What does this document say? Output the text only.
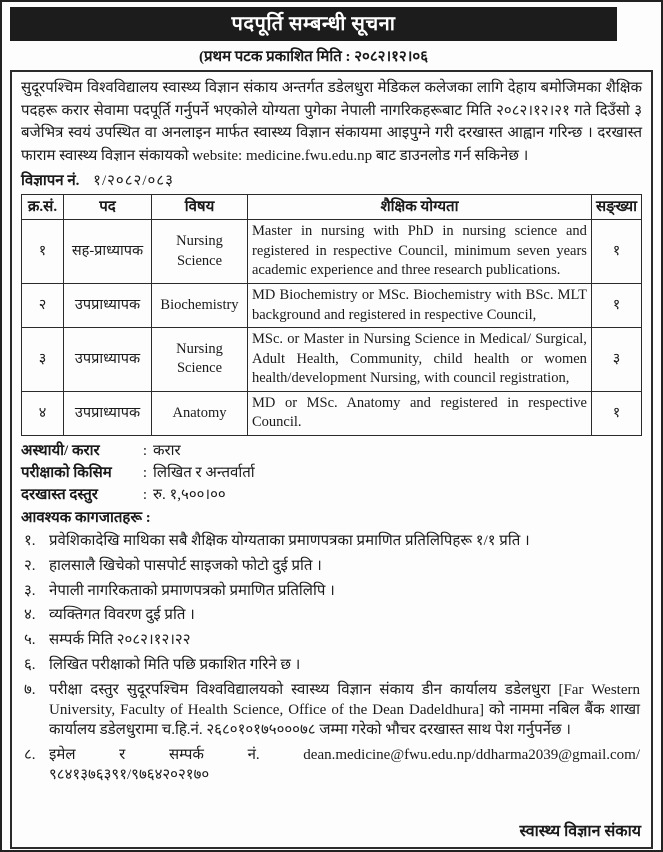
पदपूर्ति सम्बन्धी सूचना
(प्रथम पटक प्रकाशित मिति : २०८२।१२।०६

सुदूरपश्चिम विश्वविद्यालय स्वास्थ्य विज्ञान संकाय अन्तर्गत डडेलधुरा मेडिकल कलेजका लागि देहाय बमोजिमका शैक्षिक पदहरू करार सेवामा पदपूर्ति गर्नुपर्ने भएकोले योग्यता पुगेका नेपाली नागरिकहरूबाट मिति २०८२।१२।२१ गते दिउँसो ३ बजेभित्र स्वयं उपस्थित वा अनलाइन मार्फत स्वास्थ्य विज्ञान संकायमा आइपुग्ने गरी दरखास्त आह्वान गरिन्छ । दरखास्त फाराम स्वास्थ्य विज्ञान संकायको website: medicine.fwu.edu.np बाट डाउनलोड गर्न सकिनेछ ।

विज्ञापन नं. १/२०८२/०८३
क्र.सं.	पद	विषय	शैक्षिक योग्यता	सङ्ख्या
१	सह-प्राध्यापक	Nursing Science	Master in nursing with PhD in nursing science and registered in respective Council, minimum seven years academic experience and three research publications.	१
२	उपप्राध्यापक	Biochemistry	MD Biochemistry or MSc. Biochemistry with BSc. MLT background and registered in respective Council,	१
३	उपप्राध्यापक	Nursing Science	MSc. or Master in Nursing Science in Medical/ Surgical, Adult Health, Community, child health or women health/development Nursing, with council registration,	३
४	उपप्राध्यापक	Anatomy	MD or MSc. Anatomy and registered in respective Council.	१
अस्थायी/ करार	: करार
परीक्षाको किसिम : लिखित र अन्तर्वार्ता
दरखास्त दस्तुर	: रु. १,५००।००
आवश्यक कागजातहरू :
१. प्रवेशिकादेखि माथिका सबै शैक्षिक योग्यताका प्रमाणपत्रका प्रमाणित प्रतिलिपिहरू १/१ प्रति ।
२. हालसालै खिचेको पासपोर्ट साइजको फोटो दुई प्रति ।
३. नेपाली नागरिकताको प्रमाणपत्रको प्रमाणित प्रतिलिपि ।
४. व्यक्तिगत विवरण दुई प्रति ।
५. सम्पर्क मिति २०८२।१२।२२
६. लिखित परीक्षाको मिति पछि प्रकाशित गरिने छ ।
७. परीक्षा दस्तुर सुदूरपश्चिम विश्वविद्यालयको स्वास्थ्य विज्ञान संकाय डीन कार्यालय डडेलधुरा [Far Western University, Faculty of Health Science, Office of the Dean Dadeldhura] को नाममा नबिल बैंक शाखा कार्यालय डडेलधुरामा च.हि.नं. २६८०१०१७५०००७८ जम्मा गरेको भौचर दरखास्त साथ पेश गर्नुपर्नेछ ।
८. इमेल र सम्पर्क नं. dean.medicine@fwu.edu.np/ddharma2039@gmail.com/९८४१३७६३९१/९७६४२०२१७०
स्वास्थ्य विज्ञान संकाय
